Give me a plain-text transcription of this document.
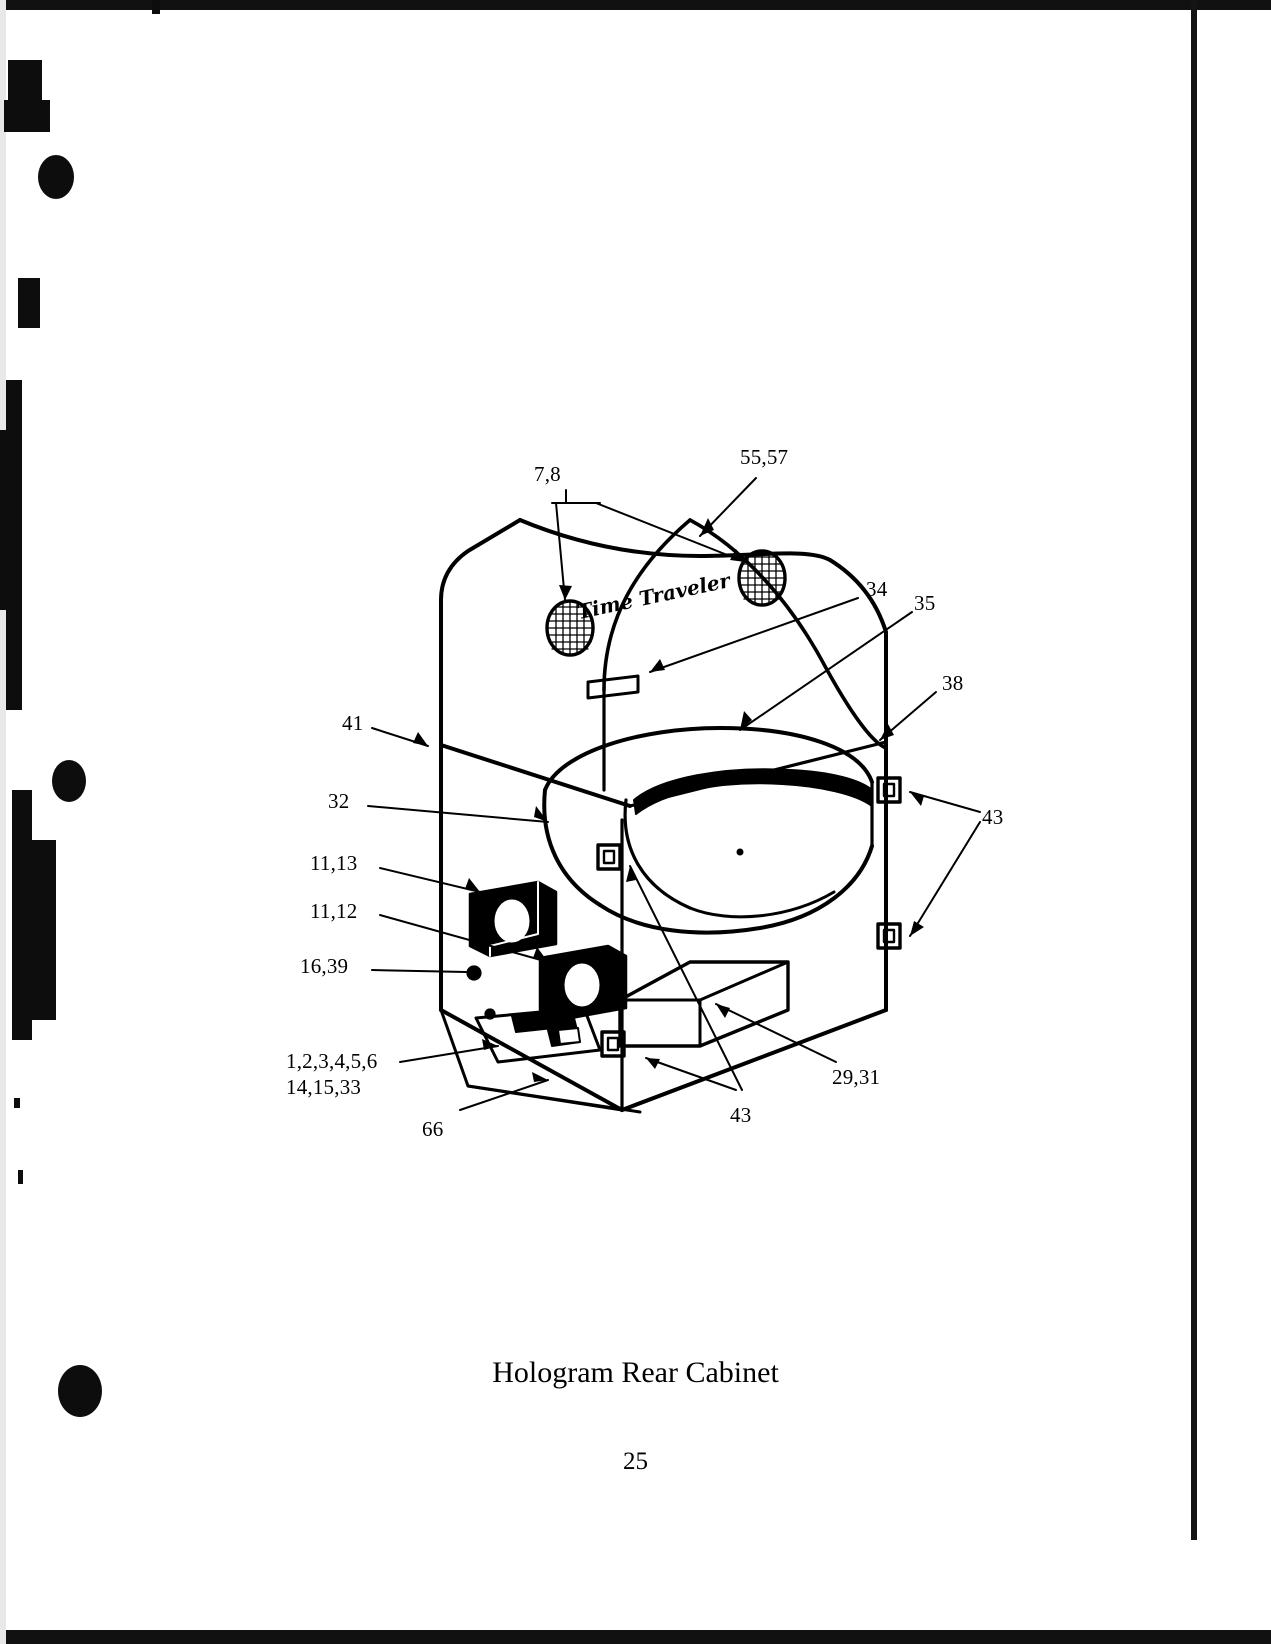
Time Traveler
7,8
55,57
34
35
38
41
32
43
11,13
11,12
16,39
1,2,3,4,5,6
14,15,33
66
43
29,31
Hologram Rear Cabinet
25
